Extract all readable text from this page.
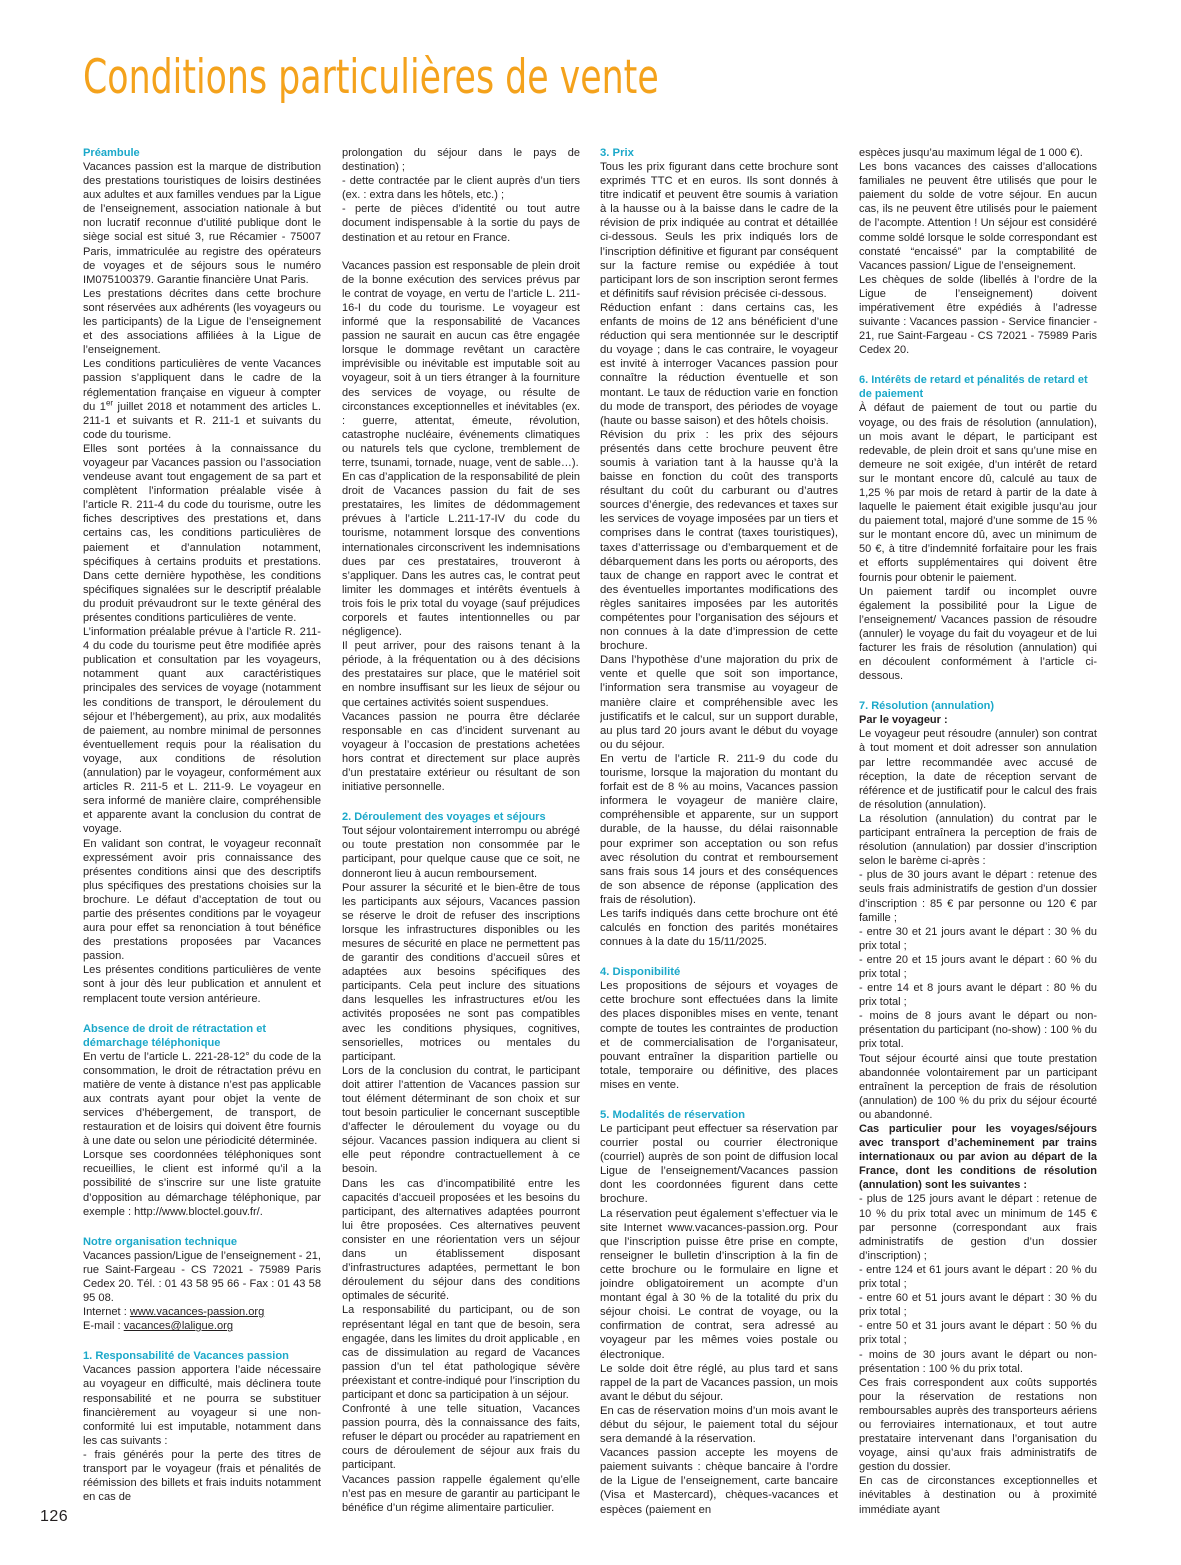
Conditions particulières de vente
Préambule

Vacances passion est la marque de distribution des prestations touristiques de loisirs destinées aux adultes et aux familles vendues par la Ligue de l’enseignement, association nationale à but non lucratif reconnue d’utilité publique dont le siège social est situé 3, rue Récamier - 75007 Paris, immatriculée au registre des opérateurs de voyages et de séjours sous le numéro IM075100379. Garantie financière Unat Paris.

Les prestations décrites dans cette brochure sont réservées aux adhérents (les voyageurs ou les participants) de la Ligue de l’enseignement et des associations affiliées à la Ligue de l’enseignement.

Les conditions particulières de vente Vacances passion s’appliquent dans le cadre de la réglementation française en vigueur à compter du 1er juillet 2018 et notamment des articles L. 211-1 et suivants et R. 211-1 et suivants du code du tourisme.

Elles sont portées à la connaissance du voyageur par Vacances passion ou l’association vendeuse avant tout engagement de sa part et complètent l’information préalable visée à l’article R. 211-4 du code du tourisme, outre les fiches descriptives des prestations et, dans certains cas, les conditions particulières de paiement et d’annulation notamment, spécifiques à certains produits et prestations. Dans cette dernière hypothèse, les conditions spécifiques signalées sur le descriptif préalable du produit prévaudront sur le texte général des présentes conditions particulières de vente.

L’information préalable prévue à l’article R. 211-4 du code du tourisme peut être modifiée après publication et consultation par les voyageurs, notamment quant aux caractéristiques principales des services de voyage (notamment les conditions de transport, le déroulement du séjour et l’hébergement), au prix, aux modalités de paiement, au nombre minimal de personnes éventuellement requis pour la réalisation du voyage, aux conditions de résolution (annulation) par le voyageur, conformément aux articles R. 211-5 et L. 211-9. Le voyageur en sera informé de manière claire, compréhensible et apparente avant la conclusion du contrat de voyage.

En validant son contrat, le voyageur reconnaît expressément avoir pris connaissance des présentes conditions ainsi que des descriptifs plus spécifiques des prestations choisies sur la brochure. Le défaut d’acceptation de tout ou partie des présentes conditions par le voyageur aura pour effet sa renonciation à tout bénéfice des prestations proposées par Vacances passion.

Les présentes conditions particulières de vente sont à jour dès leur publication et annulent et remplacent toute version antérieure.

Absence de droit de rétractation et démarchage téléphonique

En vertu de l’article L. 221-28-12° du code de la consommation, le droit de rétractation prévu en matière de vente à distance n’est pas applicable aux contrats ayant pour objet la vente de services d’hébergement, de transport, de restauration et de loisirs qui doivent être fournis à une date ou selon une périodicité déterminée.

Lorsque ses coordonnées téléphoniques sont recueillies, le client est informé qu’il a la possibilité de s’inscrire sur une liste gratuite d’opposition au démarchage téléphonique, par exemple : http://www.bloctel.gouv.fr/.

Notre organisation technique

Vacances passion/Ligue de l’enseignement - 21, rue Saint-Fargeau - CS 72021 - 75989 Paris Cedex 20. Tél. : 01 43 58 95 66 - Fax : 01 43 58 95 08.

Internet : www.vacances-passion.org

E-mail : vacances@laligue.org

1. Responsabilité de Vacances passion

Vacances passion apportera l’aide nécessaire au voyageur en difficulté, mais déclinera toute responsabilité et ne pourra se substituer financièrement au voyageur si une non-conformité lui est imputable, notamment dans les cas suivants :

- frais générés pour la perte des titres de transport par le voyageur (frais et pénalités de réémission des billets et frais induits notamment en cas de

prolongation du séjour dans le pays de destination) ;

- dette contractée par le client auprès d’un tiers (ex. : extra dans les hôtels, etc.) ;

- perte de pièces d’identité ou tout autre document indispensable à la sortie du pays de destination et au retour en France.

Vacances passion est responsable de plein droit de la bonne exécution des services prévus par le contrat de voyage, en vertu de l’article L. 211-16-I du code du tourisme. Le voyageur est informé que la responsabilité de Vacances passion ne saurait en aucun cas être engagée lorsque le dommage revêtant un caractère imprévisible ou inévitable est imputable soit au voyageur, soit à un tiers étranger à la fourniture des services de voyage, ou résulte de circonstances exceptionnelles et inévitables (ex. : guerre, attentat, émeute, révolution, catastrophe nucléaire, événements climatiques ou naturels tels que cyclone, tremblement de terre, tsunami, tornade, nuage, vent de sable…).

En cas d’application de la responsabilité de plein droit de Vacances passion du fait de ses prestataires, les limites de dédommagement prévues à l’article L.211-17-IV du code du tourisme, notamment lorsque des conventions internationales circonscrivent les indemnisations dues par ces prestataires, trouveront à s’appliquer. Dans les autres cas, le contrat peut limiter les dommages et intérêts éventuels à trois fois le prix total du voyage (sauf préjudices corporels et fautes intentionnelles ou par négligence).

Il peut arriver, pour des raisons tenant à la période, à la fréquentation ou à des décisions des prestataires sur place, que le matériel soit en nombre insuffisant sur les lieux de séjour ou que certaines activités soient suspendues.

Vacances passion ne pourra être déclarée responsable en cas d’incident survenant au voyageur à l’occasion de prestations achetées hors contrat et directement sur place auprès d’un prestataire extérieur ou résultant de son initiative personnelle.

2. Déroulement des voyages et séjours

Tout séjour volontairement interrompu ou abrégé ou toute prestation non consommée par le participant, pour quelque cause que ce soit, ne donneront lieu à aucun remboursement.

Pour assurer la sécurité et le bien-être de tous les participants aux séjours, Vacances passion se réserve le droit de refuser des inscriptions lorsque les infrastructures disponibles ou les mesures de sécurité en place ne permettent pas de garantir des conditions d’accueil sûres et adaptées aux besoins spécifiques des participants. Cela peut inclure des situations dans lesquelles les infrastructures et/ou les activités proposées ne sont pas compatibles avec les conditions physiques, cognitives, sensorielles, motrices ou mentales du participant.

Lors de la conclusion du contrat, le participant doit attirer l’attention de Vacances passion sur tout élément déterminant de son choix et sur tout besoin particulier le concernant susceptible d’affecter le déroulement du voyage ou du séjour. Vacances passion indiquera au client si elle peut répondre contractuellement à ce besoin.

Dans les cas d’incompatibilité entre les capacités d’accueil proposées et les besoins du participant, des alternatives adaptées pourront lui être proposées. Ces alternatives peuvent consister en une réorientation vers un séjour dans un établissement disposant d’infrastructures adaptées, permettant le bon déroulement du séjour dans des conditions optimales de sécurité.

La responsabilité du participant, ou de son représentant légal en tant que de besoin, sera engagée, dans les limites du droit applicable , en cas de dissimulation au regard de Vacances passion d’un tel état pathologique sévère préexistant et contre-indiqué pour l’inscription du participant et donc sa participation à un séjour.

Confronté à une telle situation, Vacances passion pourra, dès la connaissance des faits, refuser le départ ou procéder au rapatriement en cours de déroulement de séjour aux frais du participant.

Vacances passion rappelle également qu’elle n’est pas en mesure de garantir au participant le bénéfice d’un régime alimentaire particulier.

3. Prix

Tous les prix figurant dans cette brochure sont exprimés TTC et en euros. Ils sont donnés à titre indicatif et peuvent être soumis à variation à la hausse ou à la baisse dans le cadre de la révision de prix indiquée au contrat et détaillée ci-dessous. Seuls les prix indiqués lors de l’inscription définitive et figurant par conséquent sur la facture remise ou expédiée à tout participant lors de son inscription seront fermes et définitifs sauf révision précisée ci-dessous.

Réduction enfant : dans certains cas, les enfants de moins de 12 ans bénéficient d’une réduction qui sera mentionnée sur le descriptif du voyage ; dans le cas contraire, le voyageur est invité à interroger Vacances passion pour connaître la réduction éventuelle et son montant. Le taux de réduction varie en fonction du mode de transport, des périodes de voyage (haute ou basse saison) et des hôtels choisis.

Révision du prix : les prix des séjours présentés dans cette brochure peuvent être soumis à variation tant à la hausse qu’à la baisse en fonction du coût des transports résultant du coût du carburant ou d’autres sources d’énergie, des redevances et taxes sur les services de voyage imposées par un tiers et comprises dans le contrat (taxes touristiques), taxes d’atterrissage ou d’embarquement et de débarquement dans les ports ou aéroports, des taux de change en rapport avec le contrat et des éventuelles importantes modifications des règles sanitaires imposées par les autorités compétentes pour l’organisation des séjours et non connues à la date d’impression de cette brochure.

Dans l’hypothèse d’une majoration du prix de vente et quelle que soit son importance, l’information sera transmise au voyageur de manière claire et compréhensible avec les justificatifs et le calcul, sur un support durable, au plus tard 20 jours avant le début du voyage ou du séjour.

En vertu de l’article R. 211-9 du code du tourisme, lorsque la majoration du montant du forfait est de 8 % au moins, Vacances passion informera le voyageur de manière claire, compréhensible et apparente, sur un support durable, de la hausse, du délai raisonnable pour exprimer son acceptation ou son refus avec résolution du contrat et remboursement sans frais sous 14 jours et des conséquences de son absence de réponse (application des frais de résolution).

Les tarifs indiqués dans cette brochure ont été calculés en fonction des parités monétaires connues à la date du 15/11/2025.

4. Disponibilité

Les propositions de séjours et voyages de cette brochure sont effectuées dans la limite des places disponibles mises en vente, tenant compte de toutes les contraintes de production et de commercialisation de l’organisateur, pouvant entraîner la disparition partielle ou totale, temporaire ou définitive, des places mises en vente.

5. Modalités de réservation

Le participant peut effectuer sa réservation par courrier postal ou courrier électronique (courriel) auprès de son point de diffusion local Ligue de l’enseignement/Vacances passion dont les coordonnées figurent dans cette brochure.

La réservation peut également s’effectuer via le site Internet www.vacances-passion.org. Pour que l’inscription puisse être prise en compte, renseigner le bulletin d’inscription à la fin de cette brochure ou le formulaire en ligne et joindre obligatoirement un acompte d’un montant égal à 30 % de la totalité du prix du séjour choisi. Le contrat de voyage, ou la confirmation de contrat, sera adressé au voyageur par les mêmes voies postale ou électronique.

Le solde doit être réglé, au plus tard et sans rappel de la part de Vacances passion, un mois avant le début du séjour.

En cas de réservation moins d’un mois avant le début du séjour, le paiement total du séjour sera demandé à la réservation.

Vacances passion accepte les moyens de paiement suivants : chèque bancaire à l’ordre de la Ligue de l’enseignement, carte bancaire (Visa et Mastercard), chèques-vacances et espèces (paiement en

espèces jusqu’au maximum légal de 1 000 €).

Les bons vacances des caisses d’allocations familiales ne peuvent être utilisés que pour le paiement du solde de votre séjour. En aucun cas, ils ne peuvent être utilisés pour le paiement de l’acompte. Attention ! Un séjour est considéré comme soldé lorsque le solde correspondant est constaté “encaissé” par la comptabilité de Vacances passion/ Ligue de l’enseignement.

Les chèques de solde (libellés à l’ordre de la Ligue de l’enseignement) doivent impérativement être expédiés à l’adresse suivante : Vacances passion - Service financier - 21, rue Saint-Fargeau - CS 72021 - 75989 Paris Cedex 20.

6. Intérêts de retard et pénalités de retard et de paiement

À défaut de paiement de tout ou partie du voyage, ou des frais de résolution (annulation), un mois avant le départ, le participant est redevable, de plein droit et sans qu’une mise en demeure ne soit exigée, d’un intérêt de retard sur le montant encore dû, calculé au taux de 1,25 % par mois de retard à partir de la date à laquelle le paiement était exigible jusqu’au jour du paiement total, majoré d’une somme de 15 % sur le montant encore dû, avec un minimum de 50 €, à titre d’indemnité forfaitaire pour les frais et efforts supplémentaires qui doivent être fournis pour obtenir le paiement.

Un paiement tardif ou incomplet ouvre également la possibilité pour la Ligue de l’enseignement/ Vacances passion de résoudre (annuler) le voyage du fait du voyageur et de lui facturer les frais de résolution (annulation) qui en découlent conformément à l’article ci-dessous.

7. Résolution (annulation)

Par le voyageur :

Le voyageur peut résoudre (annuler) son contrat à tout moment et doit adresser son annulation par lettre recommandée avec accusé de réception, la date de réception servant de référence et de justificatif pour le calcul des frais de résolution (annulation).

La résolution (annulation) du contrat par le participant entraînera la perception de frais de résolution (annulation) par dossier d’inscription selon le barème ci-après :

- plus de 30 jours avant le départ : retenue des seuls frais administratifs de gestion d’un dossier d’inscription : 85 € par personne ou 120 € par famille ;

- entre 30 et 21 jours avant le départ : 30 % du prix total ;

- entre 20 et 15 jours avant le départ : 60 % du prix total ;

- entre 14 et 8 jours avant le départ : 80 % du prix total ;

- moins de 8 jours avant le départ ou non-présentation du participant (no-show) : 100 % du prix total.

Tout séjour écourté ainsi que toute prestation abandonnée volontairement par un participant entraînent la perception de frais de résolution (annulation) de 100 % du prix du séjour écourté ou abandonné.

Cas particulier pour les voyages/séjours avec transport d’acheminement par trains internationaux ou par avion au départ de la France, dont les conditions de résolution (annulation) sont les suivantes :

- plus de 125 jours avant le départ : retenue de 10 % du prix total avec un minimum de 145 € par personne (correspondant aux frais administratifs de gestion d’un dossier d’inscription) ;

- entre 124 et 61 jours avant le départ : 20 % du prix total ;

- entre 60 et 51 jours avant le départ : 30 % du prix total ;

- entre 50 et 31 jours avant le départ : 50 % du prix total ;

- moins de 30 jours avant le départ ou non-présentation : 100 % du prix total.

Ces frais correspondent aux coûts supportés pour la réservation de restations non remboursables auprès des transporteurs aériens ou ferroviaires internationaux, et tout autre prestataire intervenant dans l’organisation du voyage, ainsi qu’aux frais administratifs de gestion du dossier.

En cas de circonstances exceptionnelles et inévitables à destination ou à proximité immédiate ayant

126
